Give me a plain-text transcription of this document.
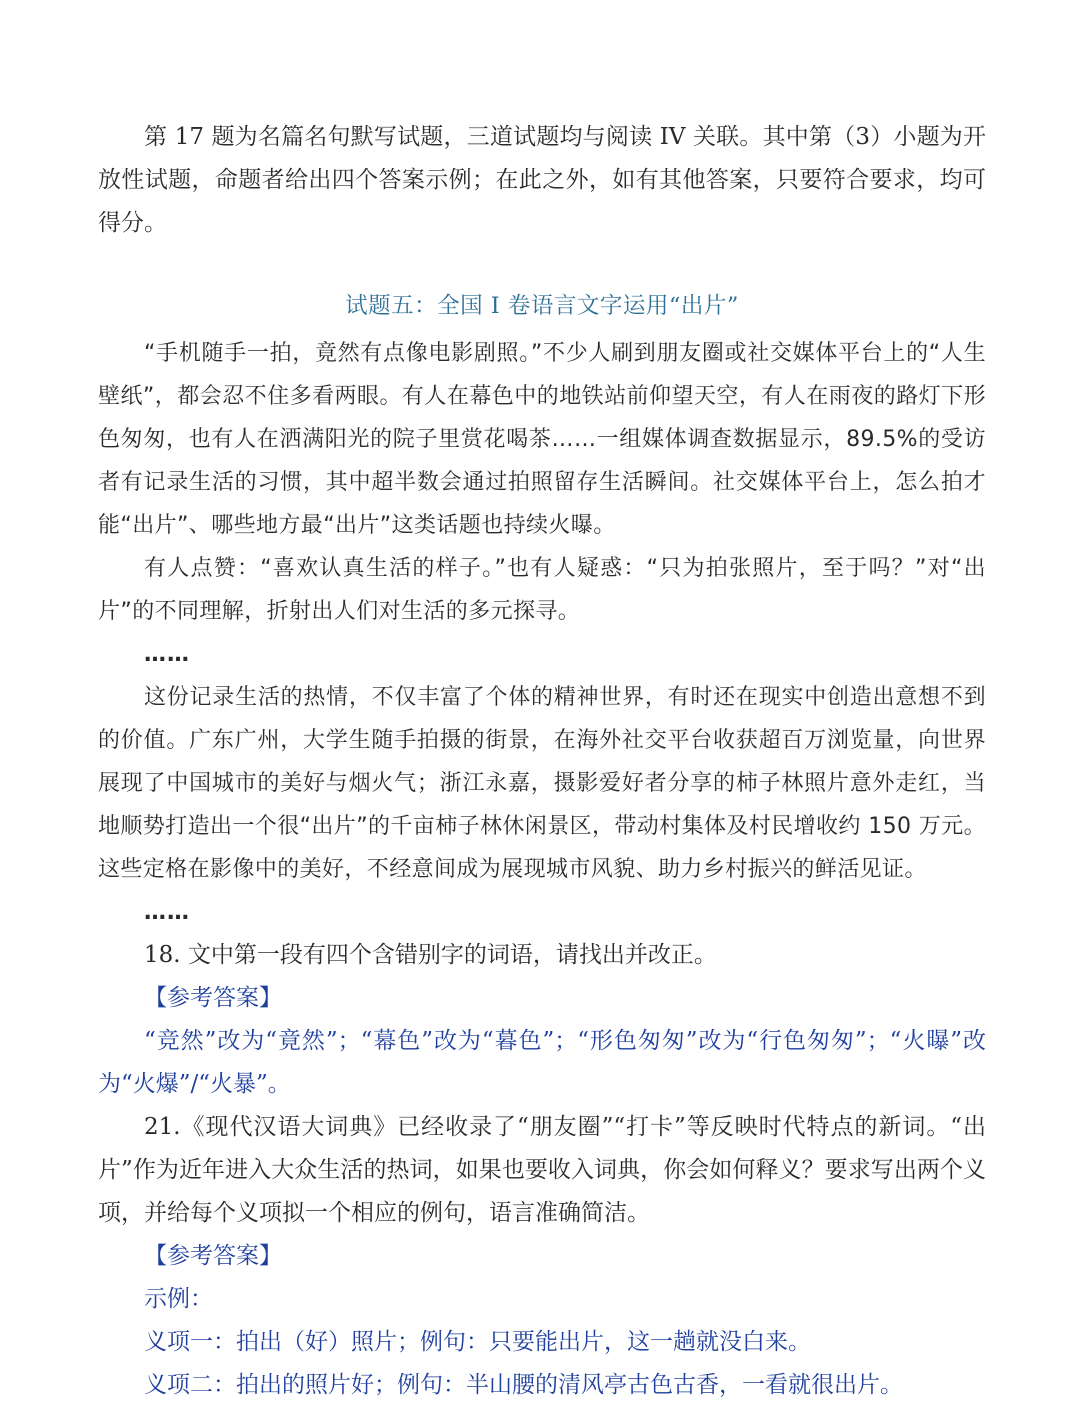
第 17 题为名篇名句默写试题，三道试题均与阅读 IV 关联。其中第（3）小题为开放性试题，命题者给出四个答案示例；在此之外，如有其他答案，只要符合要求，均可得分。

试题五：全国 I 卷语言文字运用“出片”

“手机随手一拍，竟然有点像电影剧照。”不少人刷到朋友圈或社交媒体平台上的“人生壁纸”，都会忍不住多看两眼。有人在幕色中的地铁站前仰望天空，有人在雨夜的路灯下形色匆匆，也有人在洒满阳光的院子里赏花喝茶……一组媒体调查数据显示，89.5%的受访者有记录生活的习惯，其中超半数会通过拍照留存生活瞬间。社交媒体平台上，怎么拍才能“出片”、哪些地方最“出片”这类话题也持续火曝。

有人点赞：“喜欢认真生活的样子。”也有人疑惑：“只为拍张照片，至于吗？”对“出片”的不同理解，折射出人们对生活的多元探寻。

……

这份记录生活的热情，不仅丰富了个体的精神世界，有时还在现实中创造出意想不到的价值。广东广州，大学生随手拍摄的街景，在海外社交平台收获超百万浏览量，向世界展现了中国城市的美好与烟火气；浙江永嘉，摄影爱好者分享的柿子林照片意外走红，当地顺势打造出一个很“出片”的千亩柿子林休闲景区，带动村集体及村民增收约 150 万元。这些定格在影像中的美好，不经意间成为展现城市风貌、助力乡村振兴的鲜活见证。

……

18. 文中第一段有四个含错别字的词语，请找出并改正。

【参考答案】

“竞然”改为“竟然”；“幕色”改为“暮色”；“形色匆匆”改为“行色匆匆”；“火曝”改为“火爆”/“火暴”。

21.《现代汉语大词典》已经收录了“朋友圈”“打卡”等反映时代特点的新词。“出片”作为近年进入大众生活的热词，如果也要收入词典，你会如何释义？要求写出两个义项，并给每个义项拟一个相应的例句，语言准确简洁。

【参考答案】

示例：

义项一：拍出（好）照片；例句：只要能出片，这一趟就没白来。

义项二：拍出的照片好；例句：半山腰的清风亭古色古香，一看就很出片。
